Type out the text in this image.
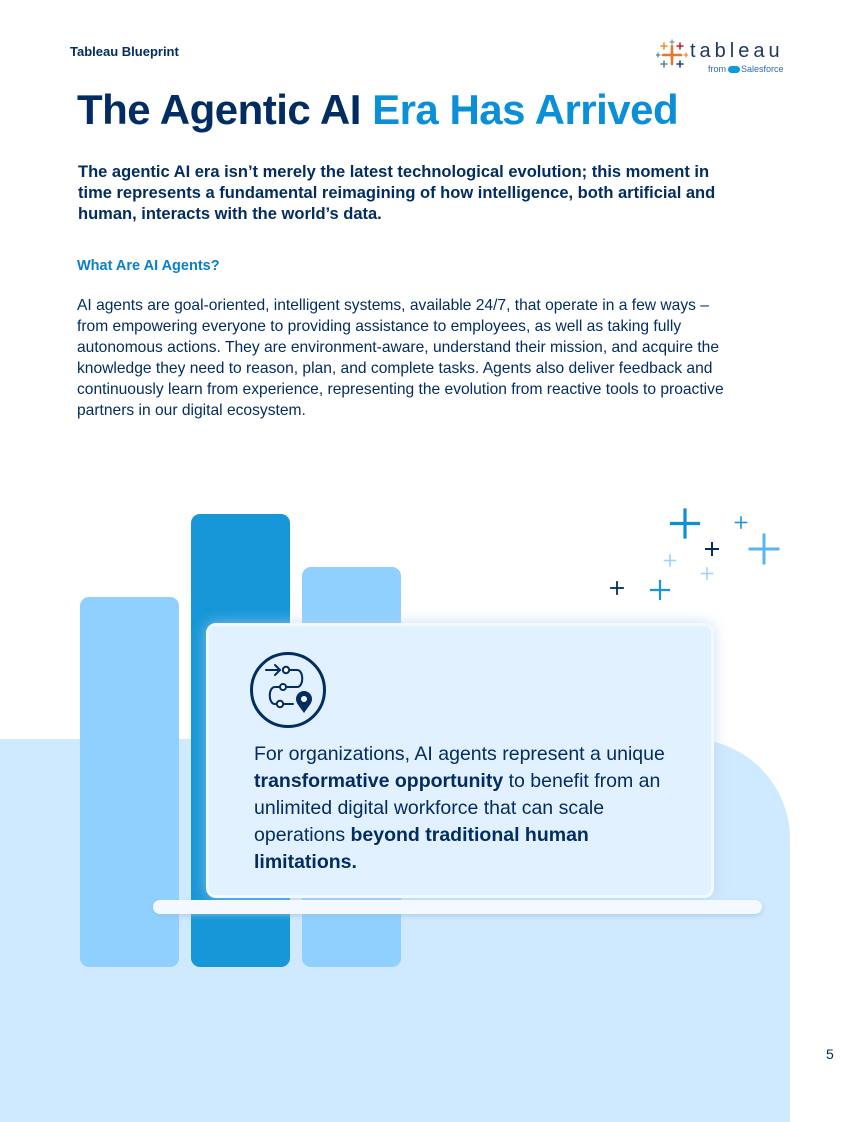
Tableau Blueprint	tableau
from Salesforce
The Agentic AI Era Has Arrived

The agentic AI era isn’t merely the latest technological evolution; this moment in time represents a fundamental reimagining of how intelligence, both artificial and human, interacts with the world’s data.

What Are AI Agents?

AI agents are goal-oriented, intelligent systems, available 24/7, that operate in a few ways – from empowering everyone to providing assistance to employees, as well as taking fully autonomous actions. They are environment-aware, understand their mission, and acquire the knowledge they need to reason, plan, and complete tasks. Agents also deliver feedback and continuously learn from experience, representing the evolution from reactive tools to proactive partners in our digital ecosystem.

For organizations, AI agents represent a unique transformative opportunity to benefit from an unlimited digital workforce that can scale operations beyond traditional human limitations.

5
